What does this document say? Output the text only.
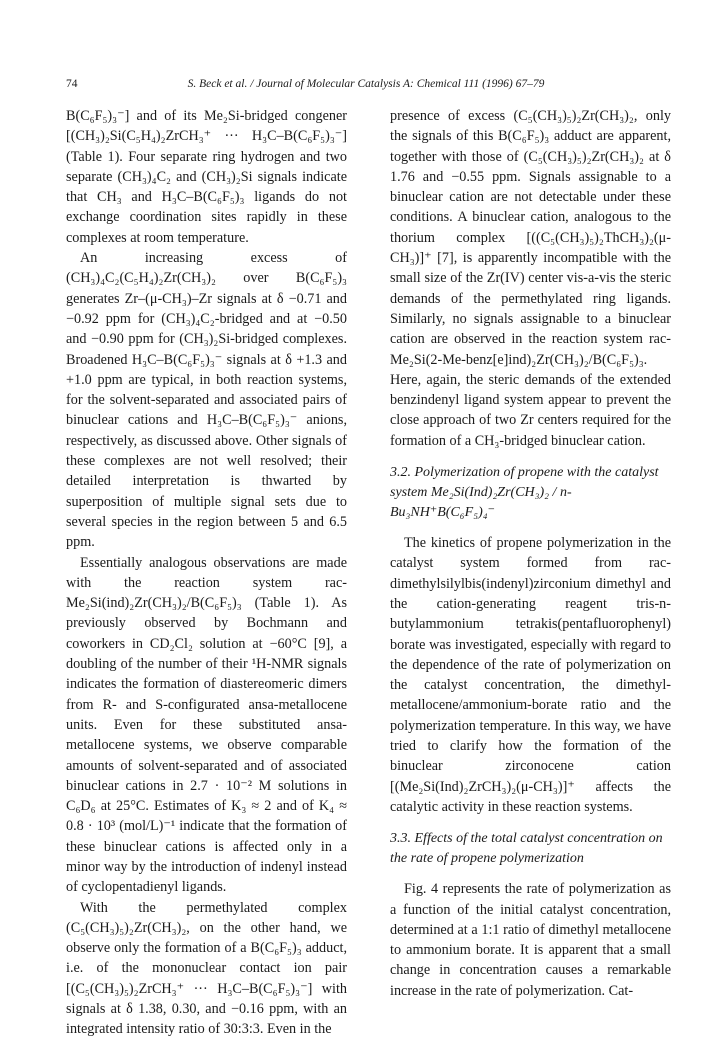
74	S. Beck et al. / Journal of Molecular Catalysis A: Chemical 111 (1996) 67–79

B(C₆F₅)₃⁻] and of its Me₂Si-bridged congener [(CH₃)₂Si(C₅H₄)₂ZrCH₃⁺ ··· H₃C–B(C₆F₅)₃⁻] (Table 1). Four separate ring hydrogen and two separate (CH₃)₄C₂ and (CH₃)₂Si signals indicate that CH₃ and H₃C–B(C₆F₅)₃ ligands do not exchange coordination sites rapidly in these complexes at room temperature.

An increasing excess of (CH₃)₄C₂(C₅H₄)₂Zr(CH₃)₂ over B(C₆F₅)₃ generates Zr–(μ-CH₃)–Zr signals at δ −0.71 and −0.92 ppm for (CH₃)₄C₂-bridged and at −0.50 and −0.90 ppm for (CH₃)₂Si-bridged complexes. Broadened H₃C–B(C₆F₅)₃⁻ signals at δ +1.3 and +1.0 ppm are typical, in both reaction systems, for the solvent-separated and associated pairs of binuclear cations and H₃C–B(C₆F₅)₃⁻ anions, respectively, as discussed above. Other signals of these complexes are not well resolved; their detailed interpretation is thwarted by superposition of multiple signal sets due to several species in the region between 5 and 6.5 ppm.

Essentially analogous observations are made with the reaction system rac-Me₂Si(ind)₂Zr(CH₃)₂/B(C₆F₅)₃ (Table 1). As previously observed by Bochmann and coworkers in CD₂Cl₂ solution at −60°C [9], a doubling of the number of their ¹H-NMR signals indicates the formation of diastereomeric dimers from R- and S-configurated ansa-metallocene units. Even for these substituted ansa-metallocene systems, we observe comparable amounts of solvent-separated and of associated binuclear cations in 2.7 · 10⁻² M solutions in C₆D₆ at 25°C. Estimates of K₃ ≈ 2 and of K₄ ≈ 0.8 · 10³ (mol/L)⁻¹ indicate that the formation of these binuclear cations is affected only in a minor way by the introduction of indenyl instead of cyclopentadienyl ligands.

With the permethylated complex (C₅(CH₃)₅)₂Zr(CH₃)₂, on the other hand, we observe only the formation of a B(C₆F₅)₃ adduct, i.e. of the mononuclear contact ion pair [(C₅(CH₃)₅)₂ZrCH₃⁺ ··· H₃C–B(C₆F₅)₃⁻] with signals at δ 1.38, 0.30, and −0.16 ppm, with an integrated intensity ratio of 30:3:3. Even in the

presence of excess (C₅(CH₃)₅)₂Zr(CH₃)₂, only the signals of this B(C₆F₅)₃ adduct are apparent, together with those of (C₅(CH₃)₅)₂Zr(CH₃)₂ at δ 1.76 and −0.55 ppm. Signals assignable to a binuclear cation are not detectable under these conditions. A binuclear cation, analogous to the thorium complex [((C₅(CH₃)₅)₂ThCH₃)₂(μ-CH₃)]⁺ [7], is apparently incompatible with the small size of the Zr(IV) center vis-a-vis the steric demands of the permethylated ring ligands. Similarly, no signals assignable to a binuclear cation are observed in the reaction system rac-Me₂Si(2-Me-benz[e]ind)₂Zr(CH₃)₂/B(C₆F₅)₃. Here, again, the steric demands of the extended benzindenyl ligand system appear to prevent the close approach of two Zr centers required for the formation of a CH₃-bridged binuclear cation.

3.2. Polymerization of propene with the catalyst system Me₂Si(Ind)₂Zr(CH₃)₂ / n-Bu₃NH⁺B(C₆F₅)₄⁻

The kinetics of propene polymerization in the catalyst system formed from rac-dimethylsilylbis(indenyl)zirconium dimethyl and the cation-generating reagent tris-n-butylammonium tetrakis(pentafluorophenyl) borate was investigated, especially with regard to the dependence of the rate of polymerization on the catalyst concentration, the dimethyl-metallocene/ammonium-borate ratio and the polymerization temperature. In this way, we have tried to clarify how the formation of the binuclear zirconocene cation [(Me₂Si(Ind)₂ZrCH₃)₂(μ-CH₃)]⁺ affects the catalytic activity in these reaction systems.

3.3. Effects of the total catalyst concentration on the rate of propene polymerization

Fig. 4 represents the rate of polymerization as a function of the initial catalyst concentration, determined at a 1:1 ratio of dimethyl metallocene to ammonium borate. It is apparent that a small change in concentration causes a remarkable increase in the rate of polymerization. Cat-
